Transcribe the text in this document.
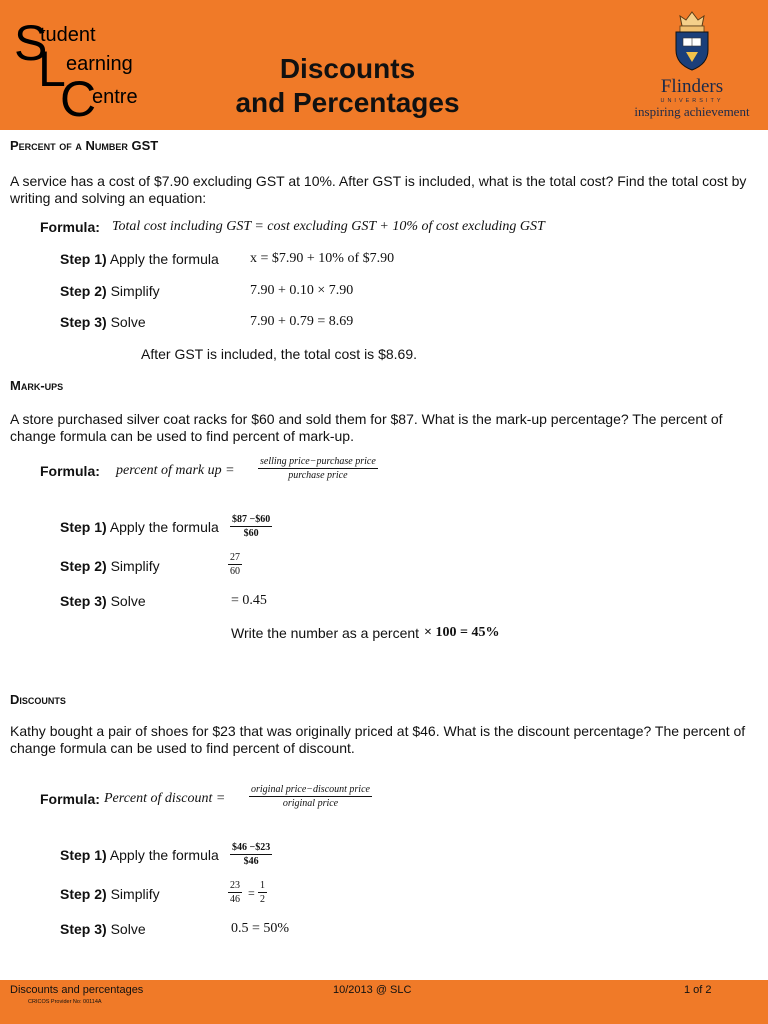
S
tudent
L earning
C
entre
Discounts
and Percentages
Flinders
UNIVERSITY
inspiring achievement
Percent of a Number GST
A service has a cost of $7.90 excluding GST at 10%. After GST is included, what is the total cost? Find the total cost by writing and solving an equation:
Formula: Total cost including GST = cost excluding GST + 10% of cost excluding GST
Step 1) Apply the formula x = $7.90 + 10% of $7.90
Step 2) Simplify	7.90 + 0.10 × 7.90
Step 3) Solve	7.90 + 0.79 = 8.69
After GST is included, the total cost is $8.69.
Mark-ups
A store purchased silver coat racks for $60 and sold them for $87. What is the mark-up percentage? The percent of change formula can be used to find percent of mark-up.
Formula: percent of mark up =
selling price−purchase price
purchase price
Step 1) Apply the formula $\frac{\$87 -\$60}{\$60}$
Step 2) Simplify	$\frac{27}{60}$
Step 3) Solve	= 0.45
Write the number as a percent × 100 = 45%
Discounts
Kathy bought a pair of shoes for $23 that was originally priced at $46. What is the discount percentage? The percent of change formula can be used to find percent of discount.
Formula: Percent of discount =
original price−discount price
original price
Step 1) Apply the formula $\frac{\$46 -\$23}{\$46}$
Step 2) Simplify	$\frac{23}{46} = \frac{1}{2}$
Step 3) Solve	0.5 = 50%
Discounts and percentages	10/2013 @ SLC	1 of 2
CRICOS Provider No: 00114A
